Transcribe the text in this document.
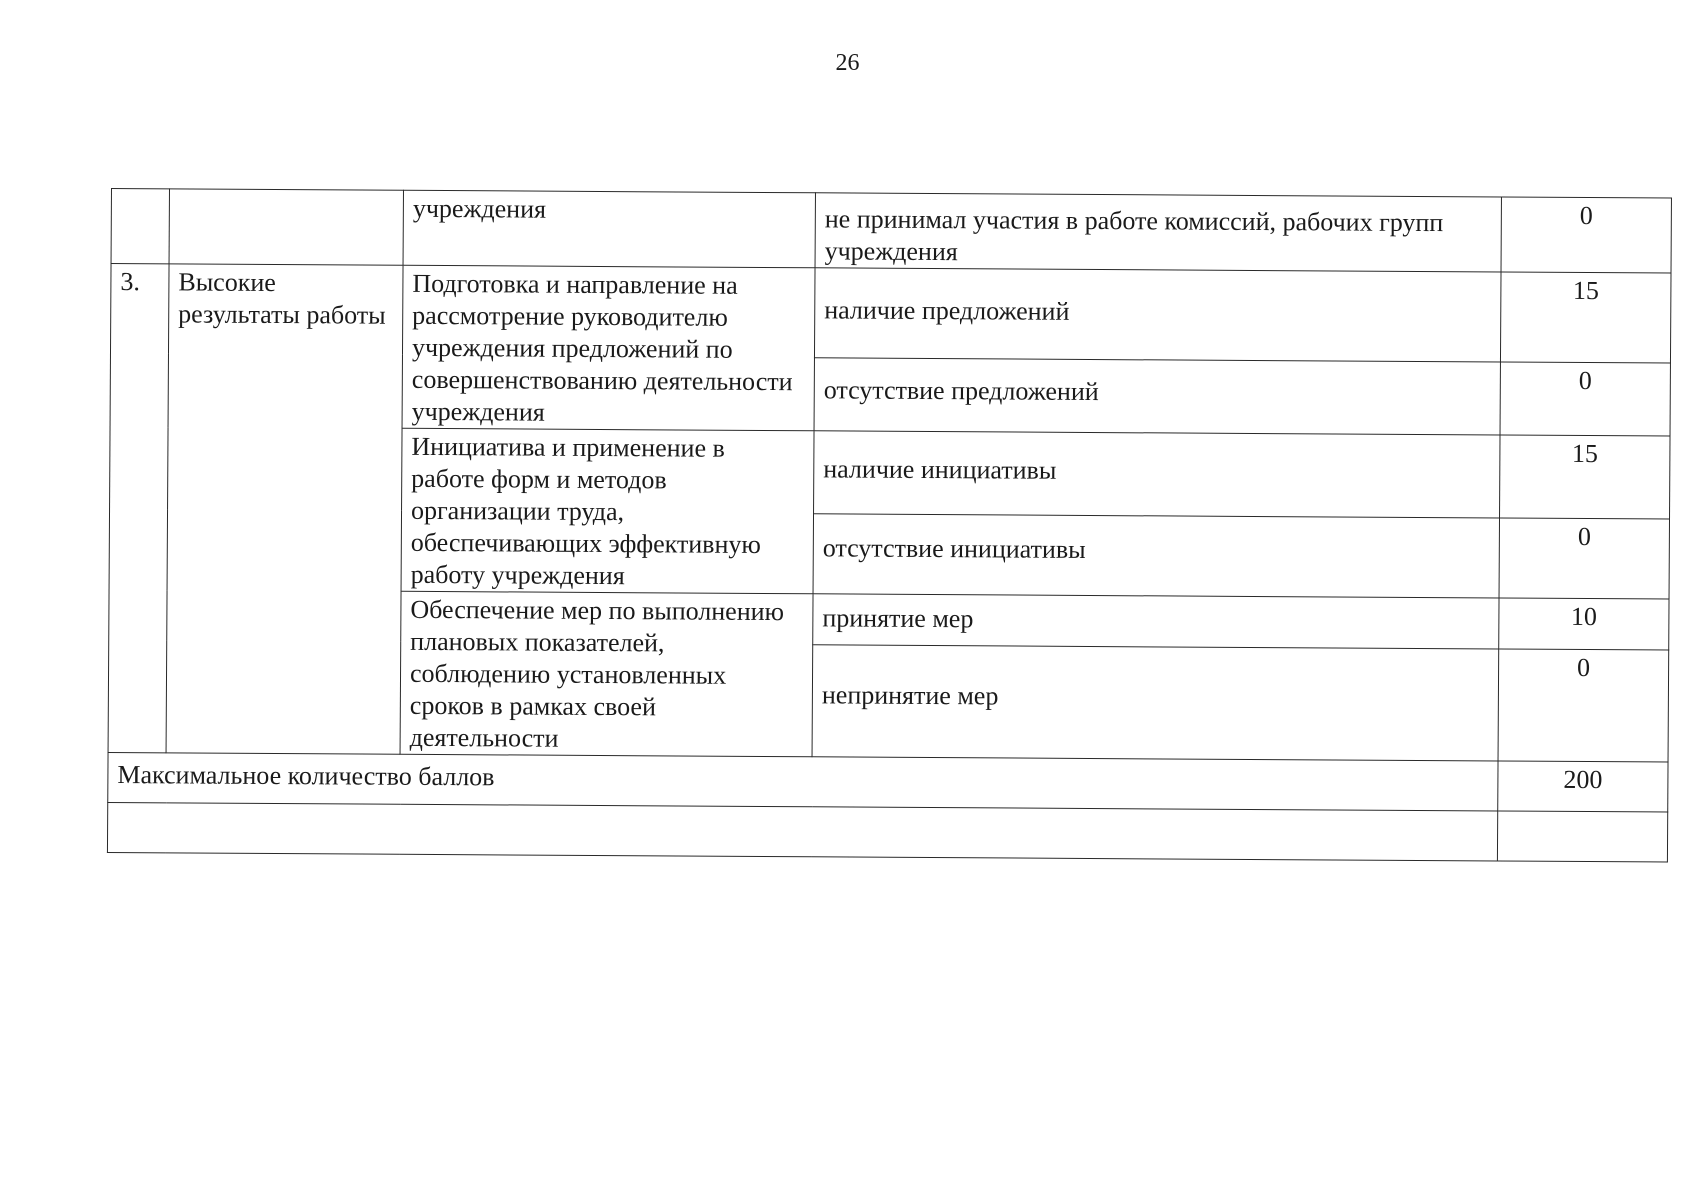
26

		учреждения	не принимал участия в работе комиссий, рабочих групп учреждения	0
3.	Высокие результаты работы	Подготовка и направление на рассмотрение руководителю учреждения предложений по совершенствованию деятельности учреждения	наличие предложений	15
			отсутствие предложений	0

		Инициатива и применение в работе форм и методов организации труда, обеспечивающих эффективную работу учреждения	наличие инициативы	15
			отсутствие инициативы	0

		Обеспечение мер по выполнению плановых показателей, соблюдению установленных сроков в рамках своей деятельности	принятие мер	10
			непринятие мер	0
Максимальное количество баллов				200
